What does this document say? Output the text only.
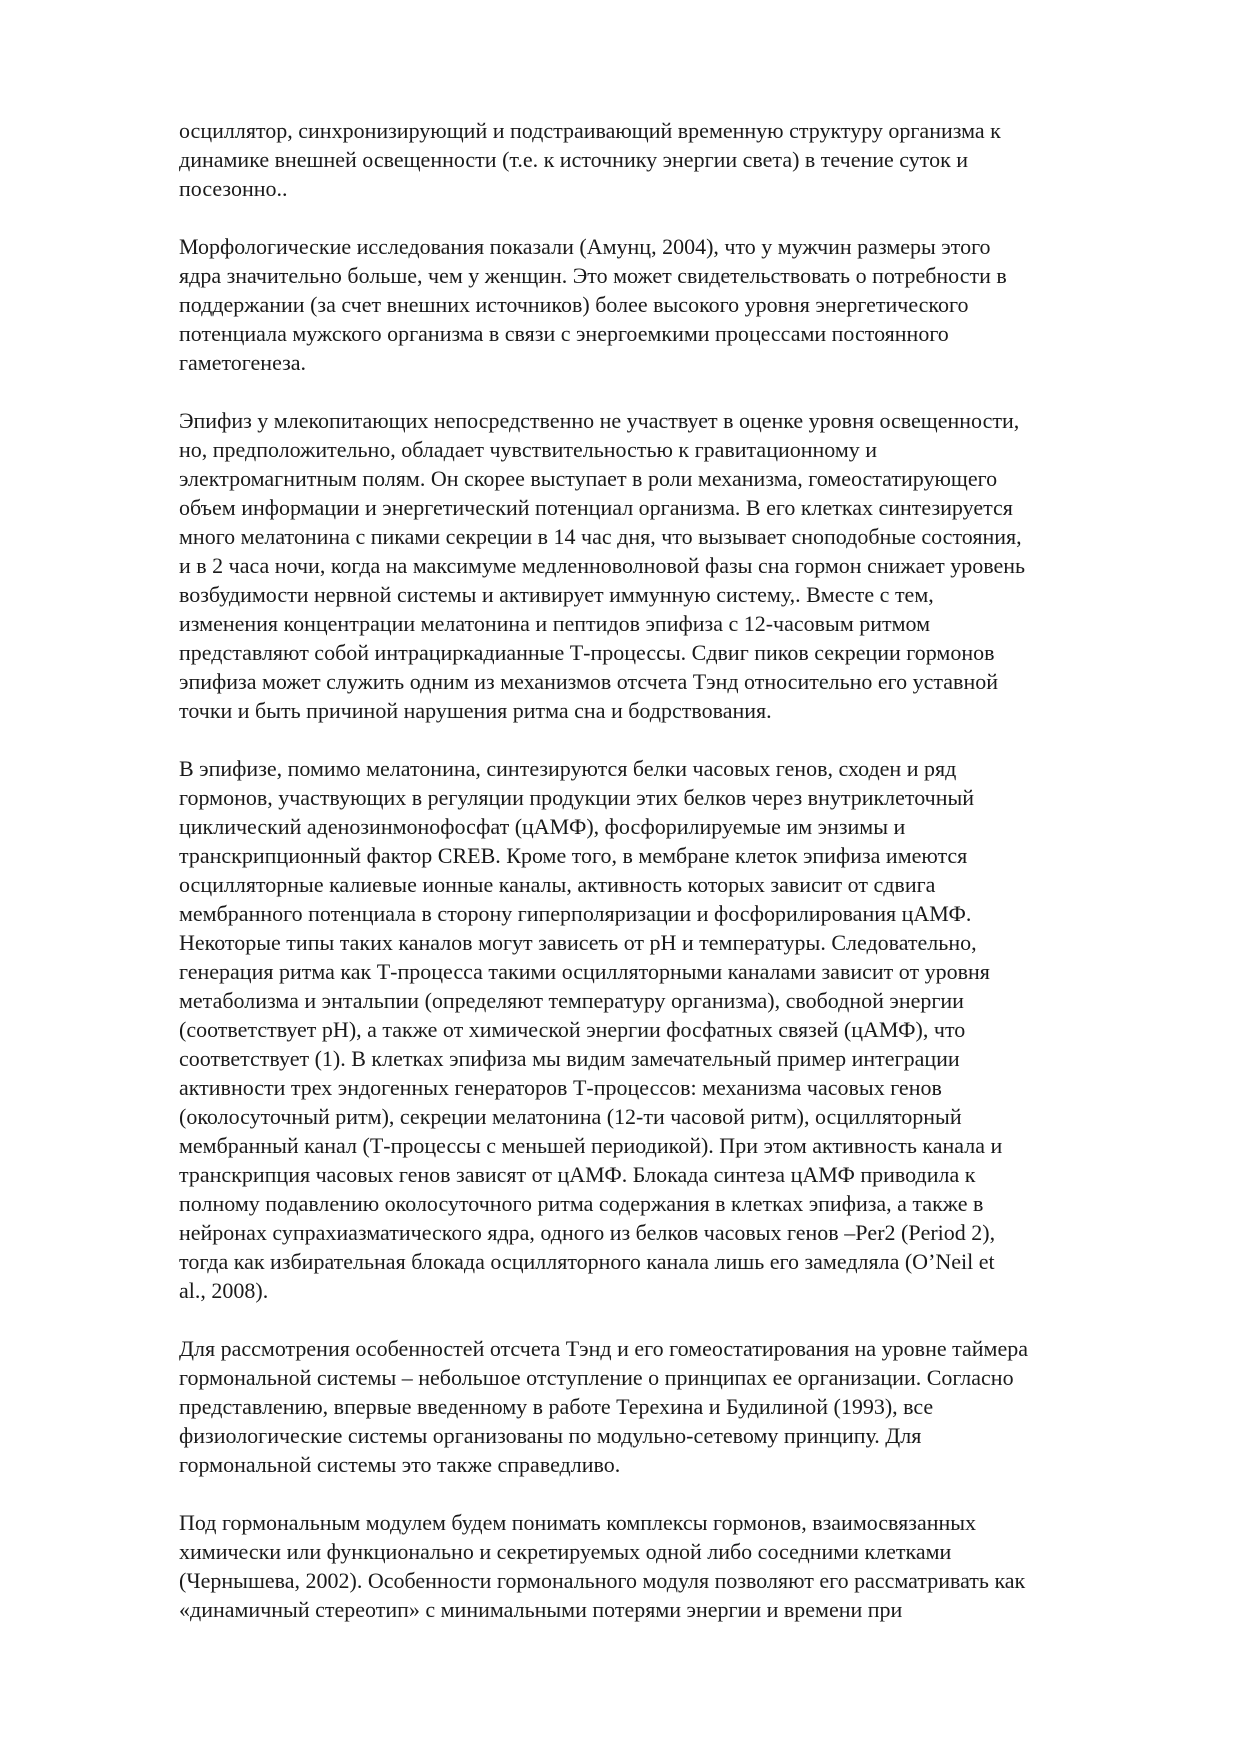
осциллятор, синхронизирующий и подстраивающий временную структуру организма к
динамике внешней освещенности (т.е. к источнику энергии света) в течение суток и
посезонно..
Морфологические исследования показали (Амунц, 2004), что у мужчин размеры этого
ядра значительно больше, чем у женщин. Это может свидетельствовать о потребности в
поддержании (за счет внешних источников) более высокого уровня энергетического
потенциала мужского организма в связи с энергоемкими процессами постоянного
гаметогенеза.
Эпифиз у млекопитающих непосредственно не участвует в оценке уровня освещенности,
но, предположительно, обладает чувствительностью к гравитационному и
электромагнитным полям. Он скорее выступает в роли механизма, гомеостатирующего
объем информации и энергетический потенциал организма. В его клетках синтезируется
много мелатонина с пиками секреции в 14 час дня, что вызывает сноподобные состояния,
и в 2 часа ночи, когда на максимуме медленноволновой фазы сна гормон снижает уровень
возбудимости нервной системы и активирует иммунную систему,. Вместе с тем,
изменения концентрации мелатонина и пептидов эпифиза с 12-часовым ритмом
представляют собой интрациркадианные Т-процессы. Сдвиг пиков секреции гормонов
эпифиза может служить одним из механизмов отсчета Тэнд относительно его уставной
точки и быть причиной нарушения ритма сна и бодрствования.
В эпифизе, помимо мелатонина, синтезируются белки часовых генов, сходен и ряд
гормонов, участвующих в регуляции продукции этих белков через внутриклеточный
циклический аденозинмонофосфат (цАМФ), фосфорилируемые им энзимы и
транскрипционный фактор CREB. Кроме того, в мембране клеток эпифиза имеются
осцилляторные калиевые ионные каналы, активность которых зависит от сдвига
мембранного потенциала в сторону гиперполяризации и фосфорилирования цАМФ.
Некоторые типы таких каналов могут зависеть от pH и температуры. Следовательно,
генерация ритма как Т-процесса такими осцилляторными каналами зависит от уровня
метаболизма и энтальпии (определяют температуру организма), свободной энергии
(соответствует pH), а также от химической энергии фосфатных связей (цАМФ), что
соответствует (1). В клетках эпифиза мы видим замечательный пример интеграции
активности трех эндогенных генераторов Т-процессов: механизма часовых генов
(околосуточный ритм), секреции мелатонина (12-ти часовой ритм), осцилляторный
мембранный канал (Т-процессы с меньшей периодикой). При этом активность канала и
транскрипция часовых генов зависят от цАМФ. Блокада синтеза цАМФ приводила к
полному подавлению околосуточного ритма содержания в клетках эпифиза, а также в
нейронах супрахиазматического ядра, одного из белков часовых генов –Per2 (Period 2),
тогда как избирательная блокада осцилляторного канала лишь его замедляла (O’Neil et
al., 2008).
Для рассмотрения особенностей отсчета Тэнд и его гомеостатирования на уровне таймера
гормональной системы – небольшое отступление о принципах ее организации. Согласно
представлению, впервые введенному в работе Терехина и Будилиной (1993), все
физиологические системы организованы по модульно-сетевому принципу. Для
гормональной системы это также справедливо.
Под гормональным модулем будем понимать комплексы гормонов, взаимосвязанных
химически или функционально и секретируемых одной либо соседними клетками
(Чернышева, 2002). Особенности гормонального модуля позволяют его рассматривать как
«динамичный стереотип» с минимальными потерями энергии и времени при
